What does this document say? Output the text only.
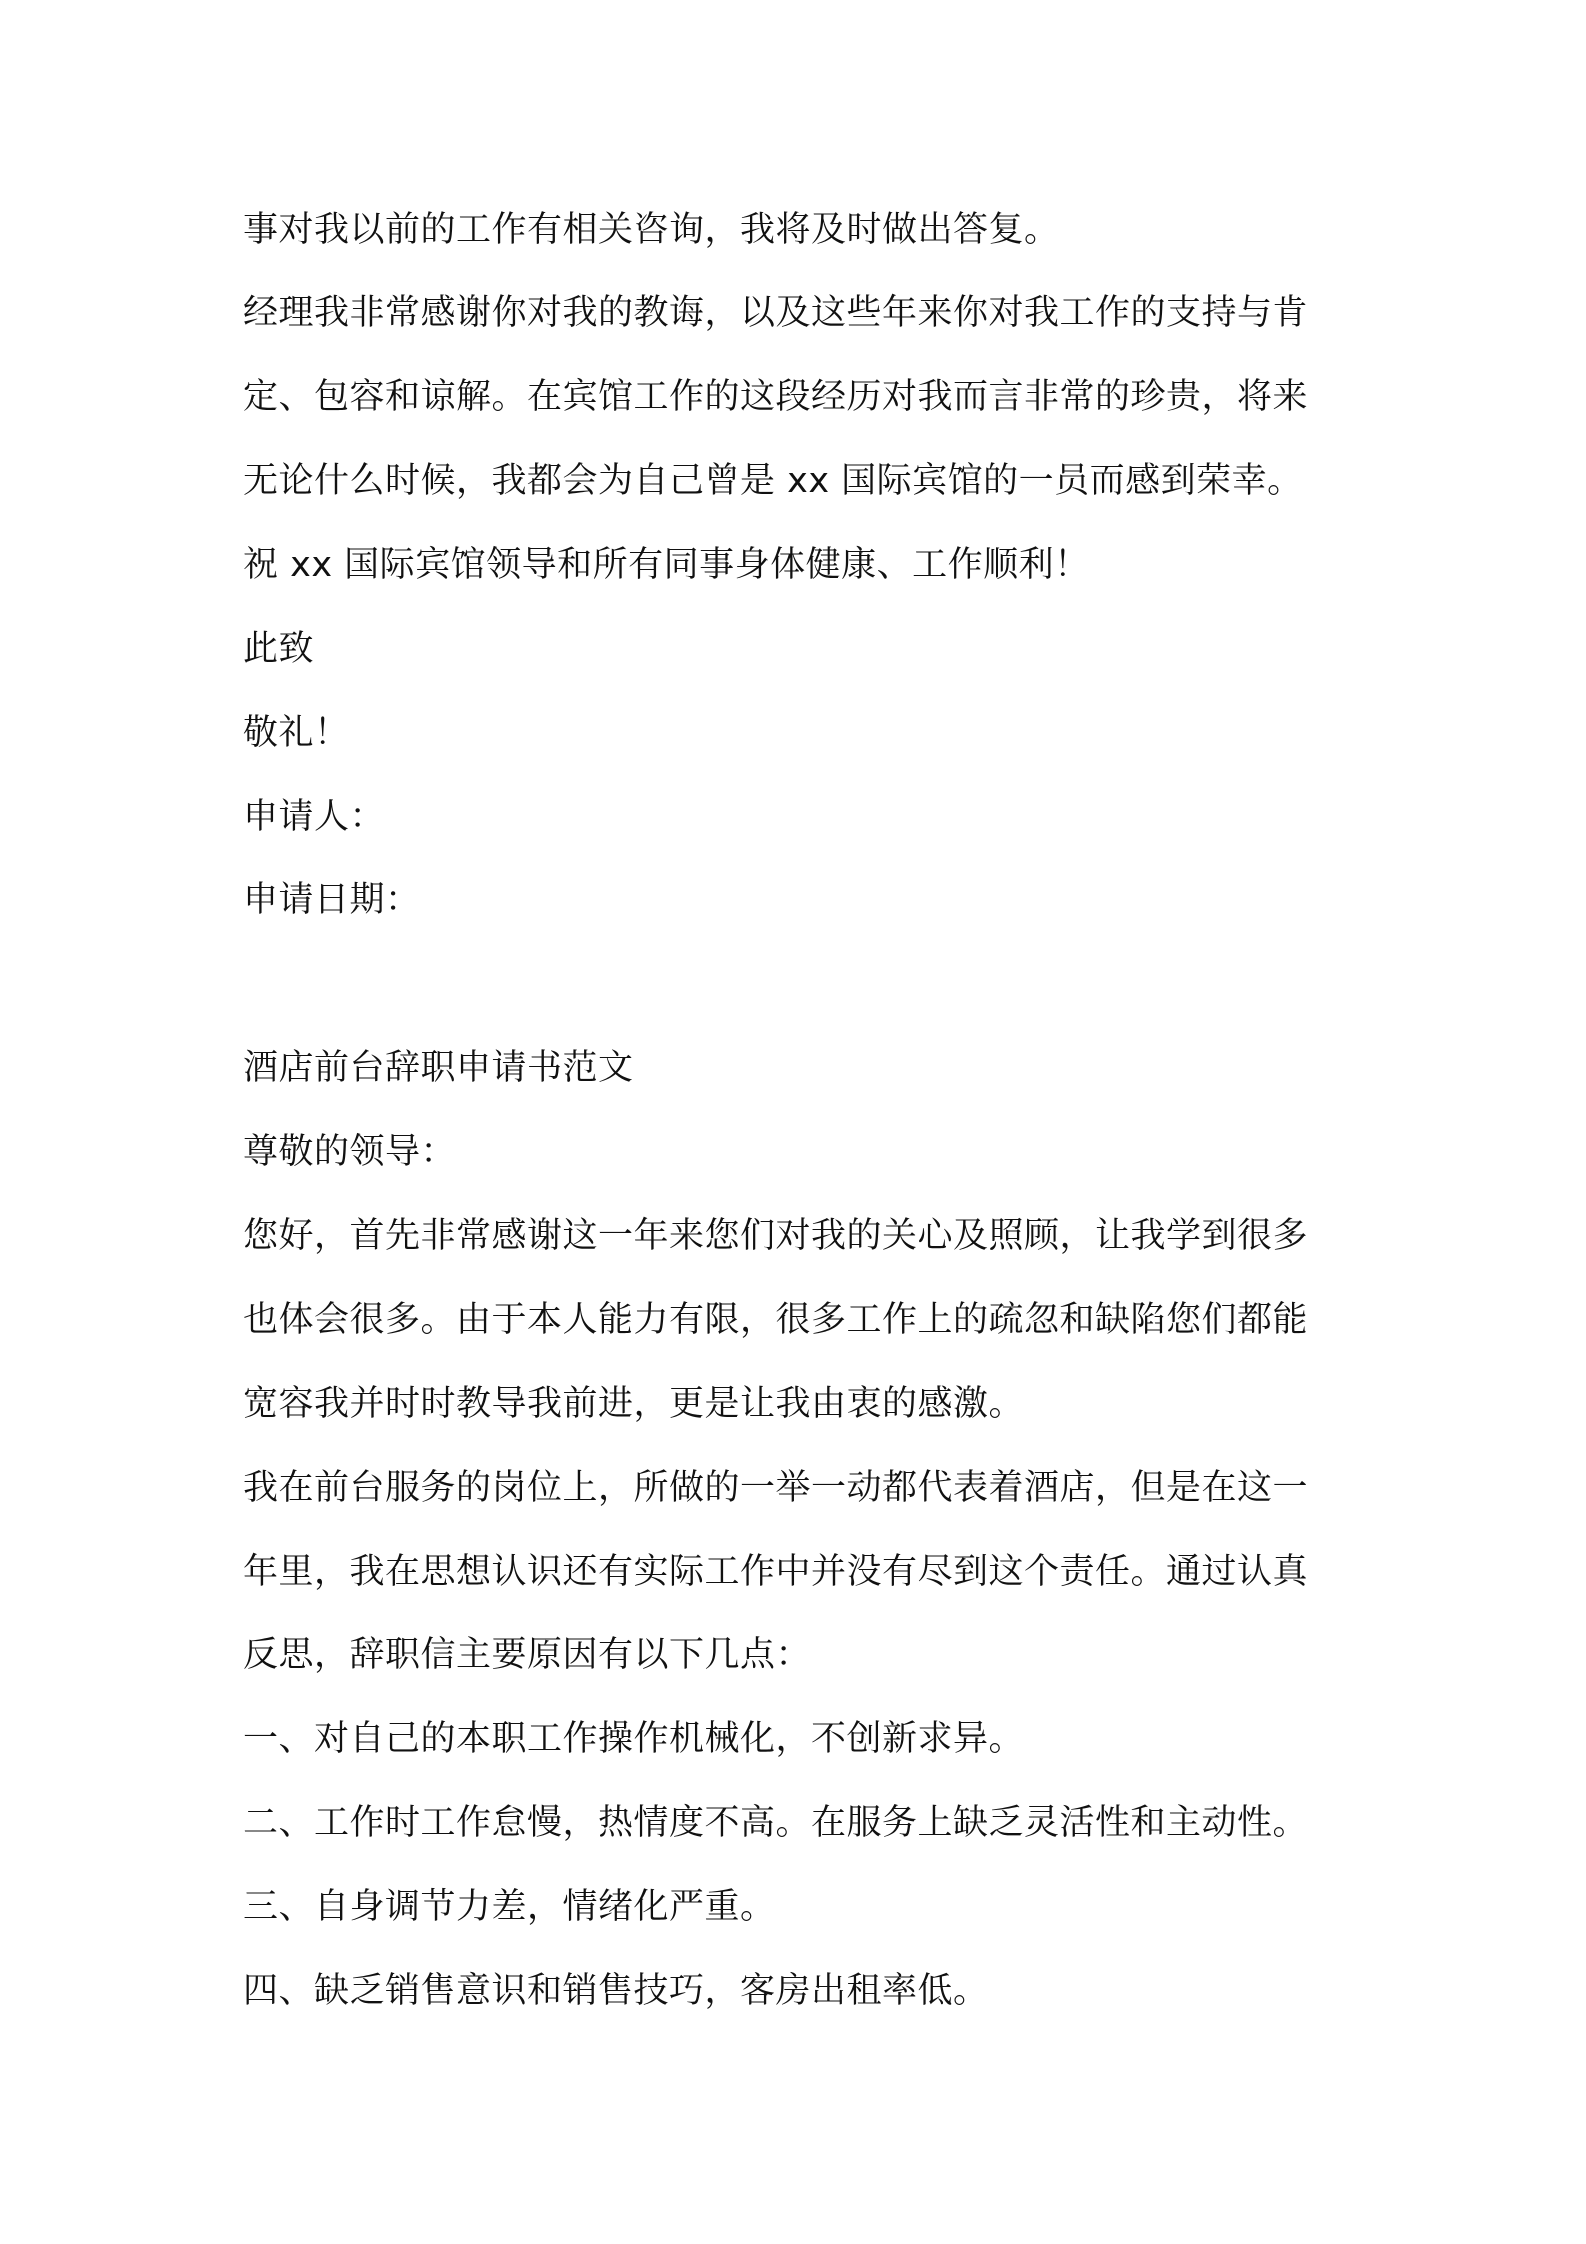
事对我以前的工作有相关咨询，我将及时做出答复。
经理我非常感谢你对我的教诲，以及这些年来你对我工作的支持与肯
定、包容和谅解。在宾馆工作的这段经历对我而言非常的珍贵，将来
无论什么时候，我都会为自己曾是 xx 国际宾馆的一员而感到荣幸。
祝 xx 国际宾馆领导和所有同事身体健康、工作顺利！
此致
敬礼！
申请人：
申请日期：
酒店前台辞职申请书范文
尊敬的领导：
您好，首先非常感谢这一年来您们对我的关心及照顾，让我学到很多
也体会很多。由于本人能力有限，很多工作上的疏忽和缺陷您们都能
宽容我并时时教导我前进，更是让我由衷的感激。
我在前台服务的岗位上，所做的一举一动都代表着酒店，但是在这一
年里，我在思想认识还有实际工作中并没有尽到这个责任。通过认真
反思，辞职信主要原因有以下几点：
一、对自己的本职工作操作机械化，不创新求异。
二、工作时工作怠慢，热情度不高。在服务上缺乏灵活性和主动性。
三、自身调节力差，情绪化严重。
四、缺乏销售意识和销售技巧，客房出租率低。
